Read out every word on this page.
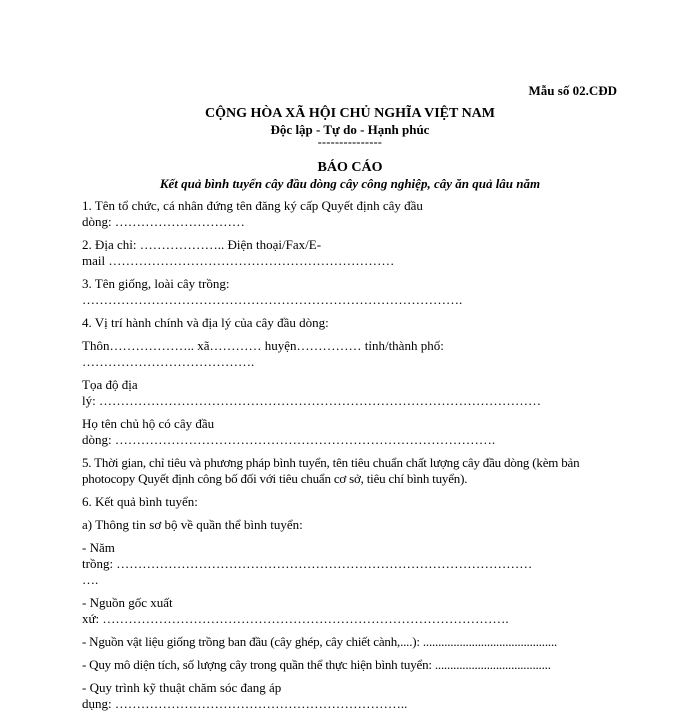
Mẫu số 02.CĐD
CỘNG HÒA XÃ HỘI CHỦ NGHĨA VIỆT NAM
Độc lập - Tự do - Hạnh phúc
---------------
BÁO CÁO
Kết quả bình tuyển cây đầu dòng cây công nghiệp, cây ăn quả lâu năm
1. Tên tổ chức, cá nhân đứng tên đăng ký cấp Quyết định cây đầu
dòng: …………………………
2. Địa chỉ: ……………….. Điện thoại/Fax/E-
mail …………………………………………………………
3. Tên giống, loài cây trồng:
…………………………………………………………………………….
4. Vị trí hành chính và địa lý của cây đầu dòng:
Thôn……………….. xã………… huyện…………… tỉnh/thành phố:
………………………………….
Tọa độ địa
lý: …………………………………………………………………………………………
Họ tên chủ hộ có cây đầu
dòng: …………………………………………………………………………….
5. Thời gian, chỉ tiêu và phương pháp bình tuyển, tên tiêu chuẩn chất lượng cây đầu dòng (kèm bản photocopy Quyết định công bố đối với tiêu chuẩn cơ sở, tiêu chí bình tuyển).
6. Kết quả bình tuyển:
a) Thông tin sơ bộ về quần thể bình tuyển:
- Năm
trồng: ……………………………………………………………………………………
….
- Nguồn gốc xuất
xứ: ………………………………………………………………………………….
- Nguồn vật liệu giống trồng ban đầu (cây ghép, cây chiết cành,....): ............................................
- Quy mô diện tích, số lượng cây trong quần thể thực hiện bình tuyển: ......................................
- Quy trình kỹ thuật chăm sóc đang áp
dụng: …………………………………………………………..
